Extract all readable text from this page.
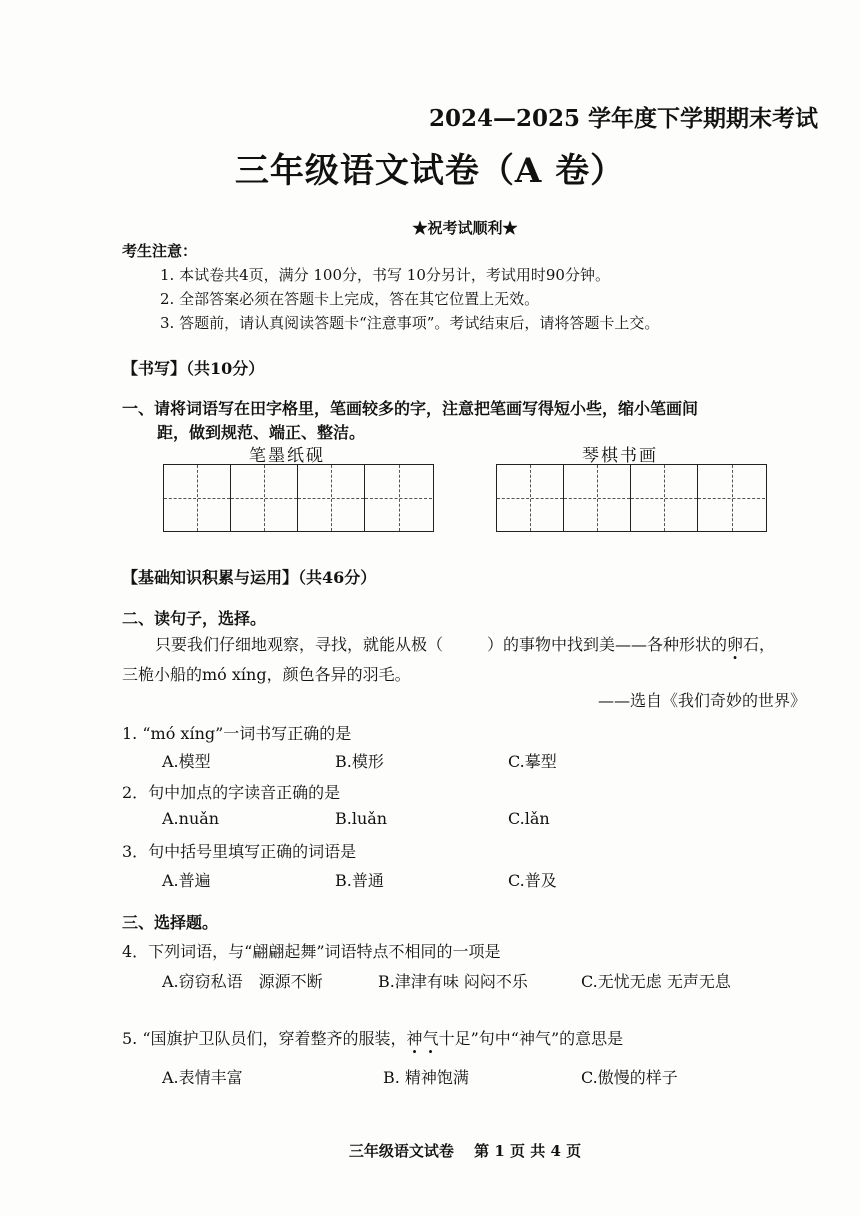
2024—2025 学年度下学期期末考试
三年级语文试卷（A 卷）
★祝考试顺利★
考生注意：
1. 本试卷共4页，满分 100分，书写 10分另计，考试用时90分钟。
2. 全部答案必须在答题卡上完成，答在其它位置上无效。
3. 答题前，请认真阅读答题卡“注意事项”。考试结束后，请将答题卡上交。
【书写】（共10分）
一、请将词语写在田字格里，笔画较多的字，注意把笔画写得短小些，缩小笔画间
距，做到规范、端正、整洁。
笔墨纸砚	琴棋书画
【基础知识积累与运用】（共46分）
二、读句子，选择。
只要我们仔细地观察，寻找，就能从极（	）的事物中找到美——各种形状的卵石，
三桅小船的mó xíng，颜色各异的羽毛。
——选自《我们奇妙的世界》
1. “mó xíng”一词书写正确的是
A.模型	B.模形	C.摹型
2．句中加点的字读音正确的是
A.nuǎn	B.luǎn	C.lǎn
3．句中括号里填写正确的词语是
A.普遍	B.普通	C.普及
三、选择题。
4．下列词语，与“翩翩起舞”词语特点不相同的一项是
A.窃窃私语　源源不断	B.津津有味 闷闷不乐	C.无忧无虑 无声无息
5. “国旗护卫队员们，穿着整齐的服装，神气十足”句中“神气”的意思是
A.表情丰富	B. 精神饱满	C.傲慢的样子
三年级语文试卷　 第 1 页 共 4 页
